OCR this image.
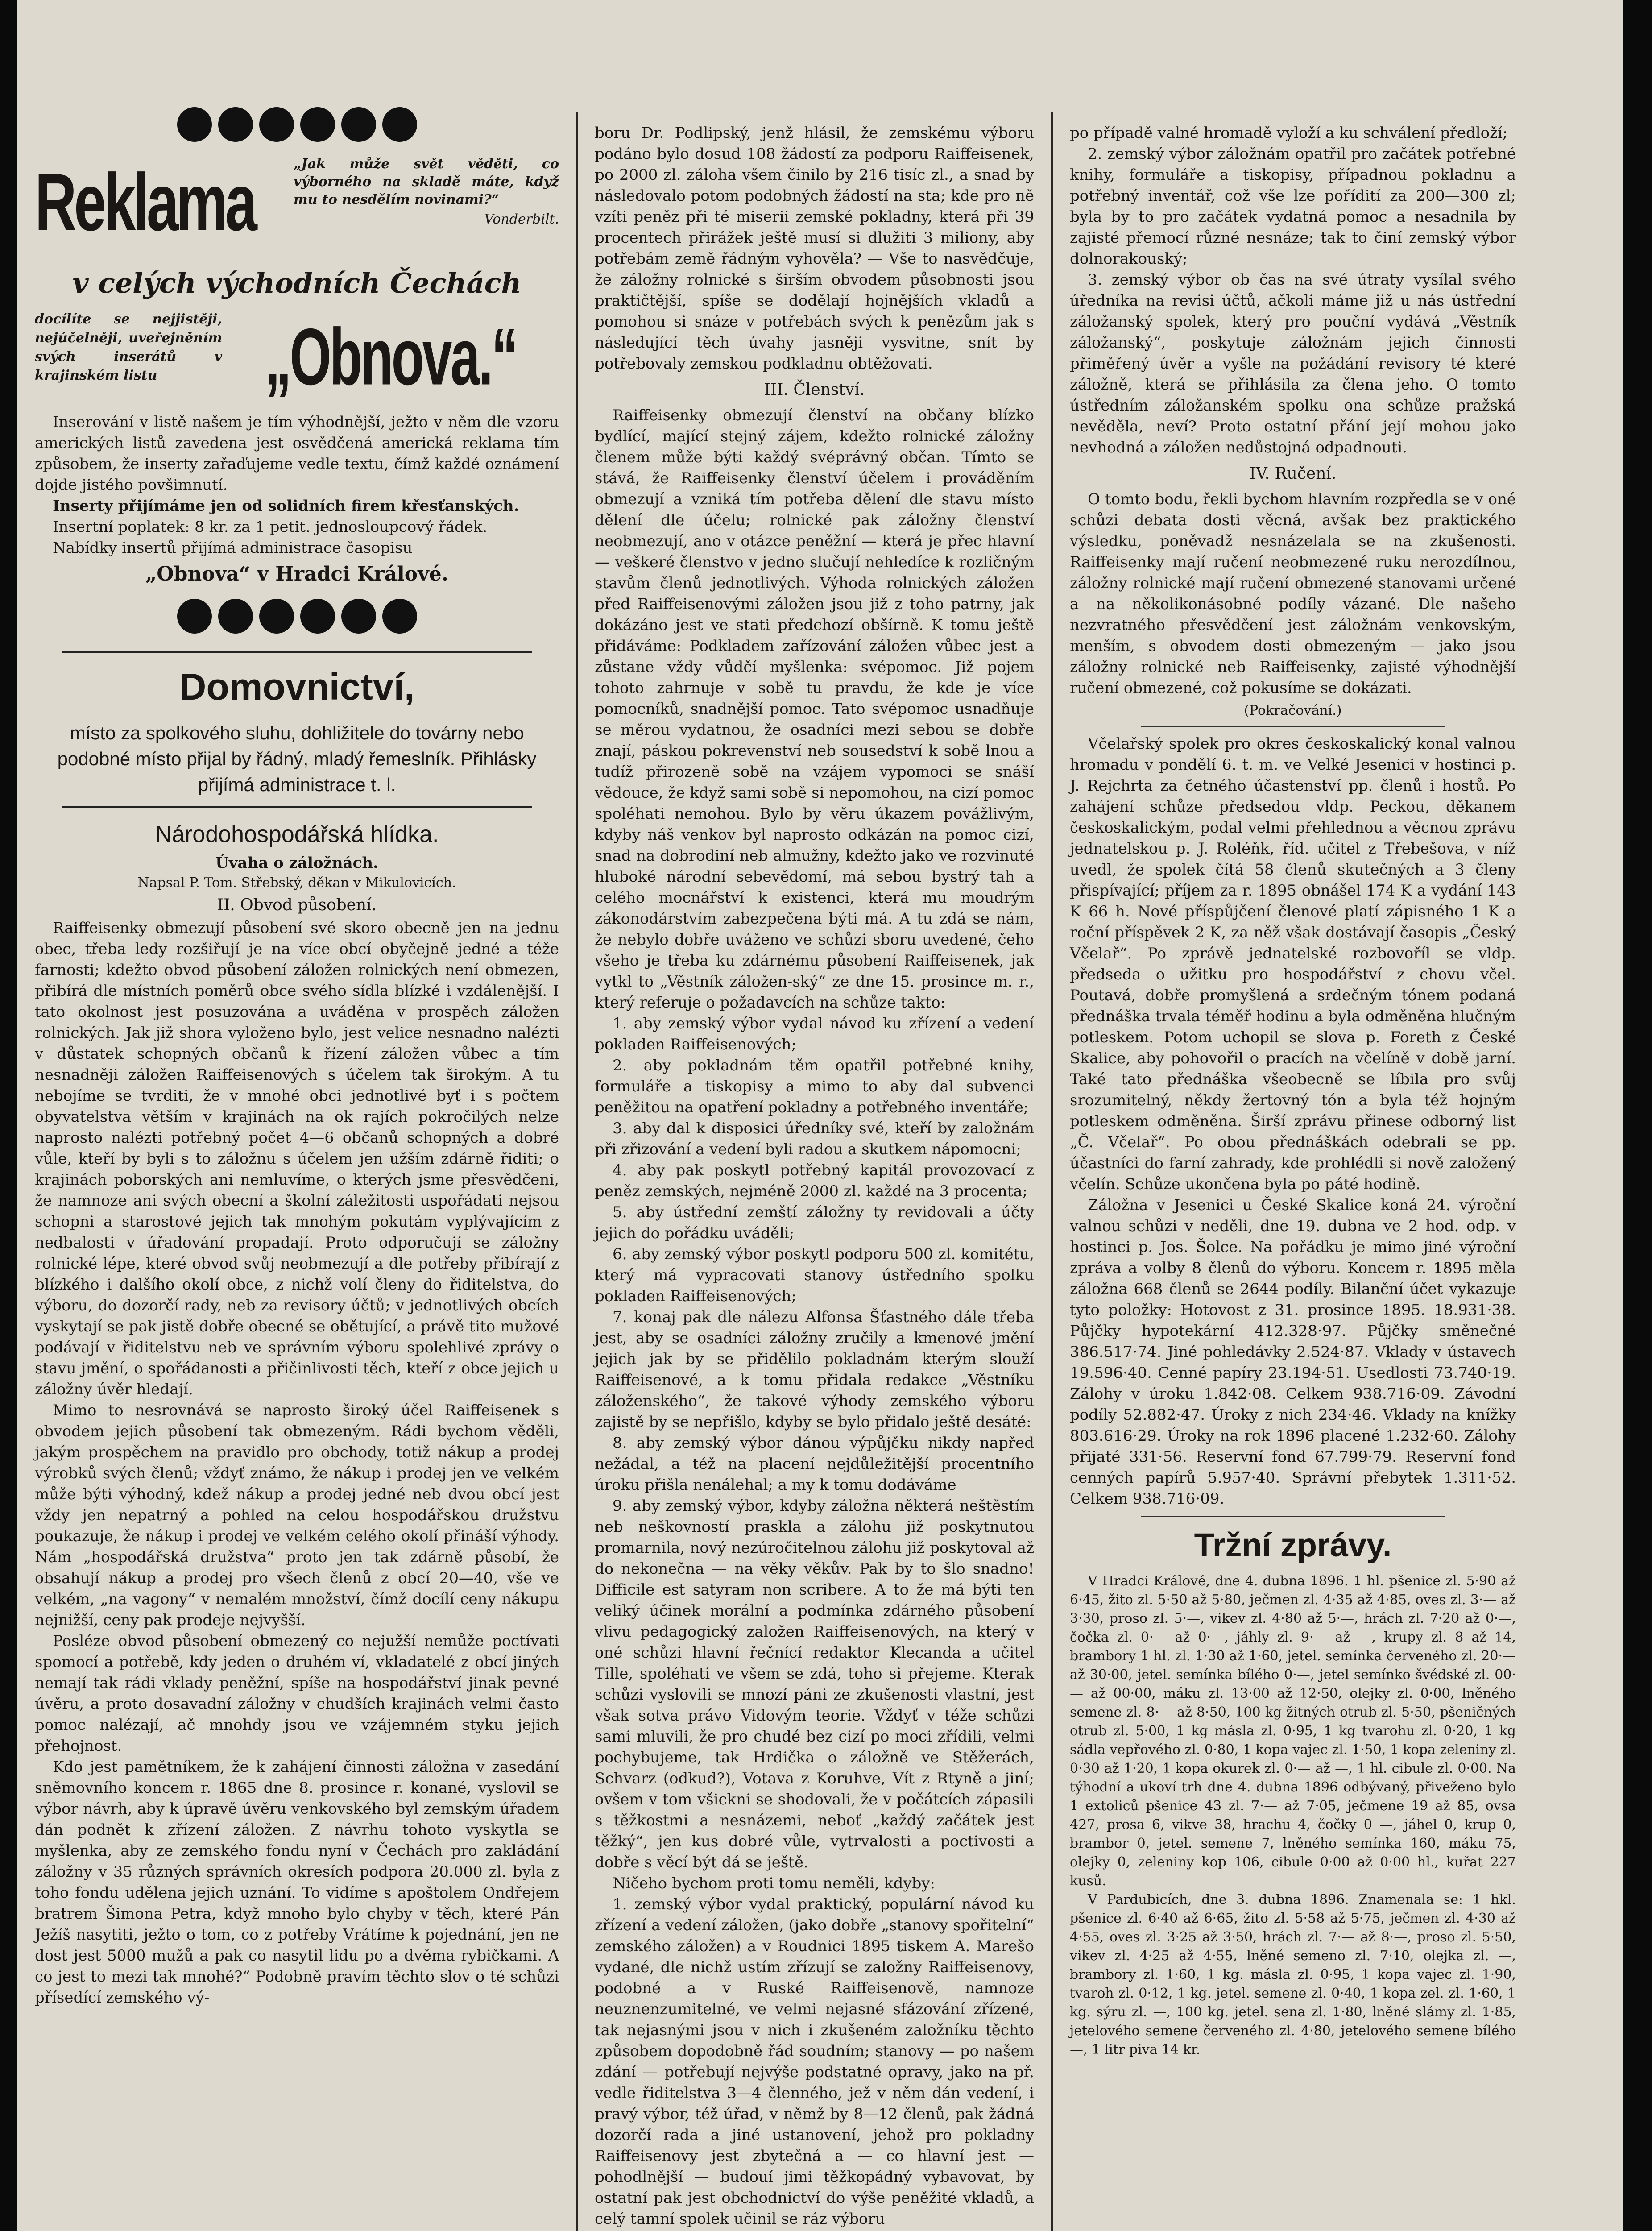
Reklama	„Jak může svět věděti, co výborného na skladě máte, když mu to nesdělím novinami?“

Vonderbilt.

v celých východních Čechách

docílíte se nejjistěji, nejúčelněji, uveřejněním svých inserátů v krajinském listu	„Obnova.“

Inserování v listě našem je tím výhodnější, ježto v něm dle vzoru amerických listů zavedena jest osvědčená americká reklama tím způsobem, že inserty zařaďujeme vedle textu, čímž každé oznámení dojde jistého povšimnutí.

Inserty přijímáme jen od solidních firem křesťanských.

Insertní poplatek: 8 kr. za 1 petit. jednosloupcový řádek.

Nabídky insertů přijímá administrace časopisu

„Obnova“ v Hradci Králové.

Domovnictví,

místo za spolkového sluhu, dohližitele do továrny nebo podobné místo přijal by řádný, mladý řemeslník. Přihlásky přijímá administrace t. l.

Národohospodářská hlídka.

Úvaha o záložnách.

Napsal P. Tom. Střebský, děkan v Mikulovicích.

II. Obvod působení.

Raiffeisenky obmezují působení své skoro obecně jen na jednu obec, třeba ledy rozšiřují je na více obcí obyčejně jedné a téže farnosti; kdežto obvod působení záložen rolnických není obmezen, přibírá dle místních poměrů obce svého sídla blízké i vzdálenější. I tato okolnost jest posuzována a uváděna v prospěch záložen rolnických. Jak již shora vyloženo bylo, jest velice nesnadno nalézti v důstatek schopných občanů k řízení záložen vůbec a tím nesnadněji záložen Raiffeisenových s účelem tak širokým. A tu nebojíme se tvrditi, že v mnohé obci jednotlivé byť i s počtem obyvatelstva větším v krajinách na ok rajích pokročilých nelze naprosto nalézti potřebný počet 4—6 občanů schopných a dobré vůle, kteří by byli s to záložnu s účelem jen užším zdárně řiditi; o krajinách poborských ani nemluvíme, o kterých jsme přesvědčeni, že namnoze ani svých obecní a školní záležitosti uspořádati nejsou schopni a starostové jejich tak mnohým pokutám vyplývajícím z nedbalosti v úřadování propadají. Proto odporučují se záložny rolnické lépe, které obvod svůj neobmezují a dle potřeby přibírají z blízkého i dalšího okolí obce, z nichž volí členy do řiditelstva, do výboru, do dozorčí rady, neb za revisory účtů; v jednotlivých obcích vyskytají se pak jistě dobře obecné se obětující, a právě tito mužové podávají v řiditelstvu neb ve správním výboru spolehlivé zprávy o stavu jmění, o spořádanosti a přičinlivosti těch, kteří z obce jejich u záložny úvěr hledají.

Mimo to nesrovnává se naprosto široký účel Raiffeisenek s obvodem jejich působení tak obmezeným. Rádi bychom věděli, jakým prospěchem na pravidlo pro obchody, totiž nákup a prodej výrobků svých členů; vždyť známo, že nákup i prodej jen ve velkém může býti výhodný, kdež nákup a prodej jedné neb dvou obcí jest vždy jen nepatrný a pohled na celou hospodářskou družstvu poukazuje, že nákup i prodej ve velkém celého okolí přináší výhody. Nám „hospodářská družstva“ proto jen tak zdárně působí, že obsahují nákup a prodej pro všech členů z obcí 20—40, vše ve velkém, „na vagony“ v nemalém množství, čímž docílí ceny nákupu nejnižší, ceny pak prodeje nejvyšší.

Posléze obvod působení obmezený co nejužší nemůže poctívati spomocí a potřebě, kdy jeden o druhém ví, vkladatelé z obcí jiných nemají tak rádi vklady peněžní, spíše na hospodářství jinak pevné úvěru, a proto dosavadní záložny v chudších krajinách velmi často pomoc nalézají, ač mnohdy jsou ve vzájemném styku jejich přehojnost.

Kdo jest pamětníkem, že k zahájení činnosti záložna v zasedání sněmovního koncem r. 1865 dne 8. prosince r. konané, vyslovil se výbor návrh, aby k úpravě úvěru venkovského byl zemským úřadem dán podnět k zřízení záložen. Z návrhu tohoto vyskytla se myšlenka, aby ze zemského fondu nyní v Čechách pro zakládání záložny v 35 různých správních okresích podpora 20.000 zl. byla z toho fondu udělena jejich uznání. To vidíme s apoštolem Ondřejem bratrem Šimona Petra, když mnoho bylo chyby v těch, které Pán Ježíš nasytiti, ježto o tom, co z potřeby Vrátíme k pojednání, jen ne dost jest 5000 mužů a pak co nasytil lidu po a dvěma rybičkami. A co jest to mezi tak mnohé?“ Podobně pravím těchto slov o té schůzi přísedící zemského vý-

boru Dr. Podlipský, jenž hlásil, že zemskému výboru podáno bylo dosud 108 žádostí za podporu Raiffeisenek, po 2000 zl. záloha všem činilo by 216 tisíc zl., a snad by následovalo potom podobných žádostí na sta; kde pro ně vzíti peněz při té miserii zemské pokladny, která při 39 procentech přirážek ještě musí si dlužiti 3 miliony, aby potřebám země řádným vyhověla? — Vše to nasvědčuje, že záložny rolnické s širším obvodem působnosti jsou praktičtější, spíše se dodělají hojnějších vkladů a pomohou si snáze v potřebách svých k penězům jak s následující těch úvahy jasněji vysvitne, snít by potřebovaly zemskou podkladnu obtěžovati.

III. Členství.

Raiffeisenky obmezují členství na občany blízko bydlící, mající stejný zájem, kdežto rolnické záložny členem může býti každý svéprávný občan. Tímto se stává, že Raiffeisenky členství účelem i prováděním obmezují a vzniká tím potřeba dělení dle stavu místo dělení dle účelu; rolnické pak záložny členství neobmezují, ano v otázce peněžní — která je přec hlavní — veškeré členstvo v jedno slučují nehledíce k rozličným stavům členů jednotlivých. Výhoda rolnických záložen před Raiffeisenovými záložen jsou již z toho patrny, jak dokázáno jest ve stati předchozí obšírně. K tomu ještě přidáváme: Podkladem zařízování záložen vůbec jest a zůstane vždy vůdčí myšlenka: svépomoc. Již pojem tohoto zahrnuje v sobě tu pravdu, že kde je více pomocníků, snadnější pomoc. Tato svépomoc usnadňuje se měrou vydatnou, že osadníci mezi sebou se dobře znají, páskou pokrevenství neb sousedství k sobě lnou a tudíž přirozeně sobě na vzájem vypomoci se snáší vědouce, že když sami sobě si nepomohou, na cizí pomoc spoléhati nemohou. Bylo by věru úkazem povážlivým, kdyby náš venkov byl naprosto odkázán na pomoc cizí, snad na dobrodiní neb almužny, kdežto jako ve rozvinuté hluboké národní sebevědomí, má sebou bystrý tah a celého mocnářství k existenci, která mu moudrým zákonodárstvím zabezpečena býti má. A tu zdá se nám, že nebylo dobře uváženo ve schůzi sboru uvedené, čeho všeho je třeba ku zdárnému působení Raiffeisenek, jak vytkl to „Věstník záložen-ský“ ze dne 15. prosince m. r., který referuje o požadavcích na schůze takto:

1. aby zemský výbor vydal návod ku zřízení a vedení pokladen Raiffeisenových;

2. aby pokladnám těm opatřil potřebné knihy, formuláře a tiskopisy a mimo to aby dal subvenci peněžitou na opatření pokladny a potřebného inventáře;

3. aby dal k disposici úředníky své, kteří by založnám při zřizování a vedení byli radou a skutkem nápomocni;

4. aby pak poskytl potřebný kapitál provozovací z peněz zemských, nejméně 2000 zl. každé na 3 procenta;

5. aby ústřední zemští záložny ty revidovali a účty jejich do pořádku uváděli;

6. aby zemský výbor poskytl podporu 500 zl. komitétu, který má vypracovati stanovy ústředního spolku pokladen Raiffeisenových;

7. konaj pak dle nálezu Alfonsa Šťastného dále třeba jest, aby se osadníci záložny zručily a kmenové jmění jejich jak by se přidělilo pokladnám kterým slouží Raiffeisenové, a k tomu přidala redakce „Věstníku záloženského“, že takové výhody zemského výboru zajistě by se nepřišlo, kdyby se bylo přidalo ještě desáté:

8. aby zemský výbor dánou výpůjčku nikdy napřed nežádal, a též na placení nejdůležitější procentního úroku přišla nenálehal; a my k tomu dodáváme

9. aby zemský výbor, kdyby záložna některá neštěstím neb neškovností praskla a zálohu již poskytnutou promarnila, nový nezúročitelnou zálohu již poskytoval až do nekonečna — na věky věkův. Pak by to šlo snadno! Difficile est satyram non scribere. A to že má býti ten veliký účinek morální a podmínka zdárného působení vlivu pedagogický založen Raiffeisenových, na který v oné schůzi hlavní řečnící redaktor Klecanda a učitel Tille, spoléhati ve všem se zdá, toho si přejeme. Kterak schůzi vyslovili se mnozí páni ze zkušenosti vlastní, jest však sotva právo Vidovým teorie. Vždyť v téže schůzi sami mluvili, že pro chudé bez cizí po moci zřídili, velmi pochybujeme, tak Hrdička o záložně ve Stěžerách, Schvarz (odkud?), Votava z Koruhve, Vít z Rtyně a jiní; ovšem v tom všickni se shodovali, že v počátcích zápasili s těžkostmi a nesnázemi, neboť „každý začátek jest těžký“, jen kus dobré vůle, vytrvalosti a poctivosti a dobře s věcí být dá se ještě.

Ničeho bychom proti tomu neměli, kdyby:

1. zemský výbor vydal praktický, populární návod ku zřízení a vedení záložen, (jako dobře „stanovy spořitelní“ zemského záložen) a v Roudnici 1895 tiskem A. Marešo vydané, dle nichž ustím zřízují se založny Raiffeisenovy, podobné a v Ruské Raiffeisenově, namnoze neuznenzumitelné, ve velmi nejasné sfázování zřízené, tak nejasnými jsou v nich i zkušeném založníku těchto způsobem dopodobně řád soudním; stanovy — po našem zdání — potřebují nejvýše podstatné opravy, jako na př. vedle řiditelstva 3—4 členného, jež v něm dán vedení, i pravý výbor, též úřad, v němž by 8—12 členů, pak žádná dozorčí rada a jiné ustanovení, jehož pro pokladny Raiffeisenovy jest zbytečná a — co hlavní jest — pohodlnější — budouí jimi těžkopádný vybavovat, by ostatní pak jest obchodnictví do výše peněžité vkladů, a celý tamní spolek učinil se ráz výboru

po případě valné hromadě vyloží a ku schválení předloží;

2. zemský výbor záložnám opatřil pro začátek potřebné knihy, formuláře a tiskopisy, případnou pokladnu a potřebný inventář, což vše lze pořídití za 200—300 zl; byla by to pro začátek vydatná pomoc a nesadnila by zajisté přemocí různé nesnáze; tak to činí zemský výbor dolnorakouský;

3. zemský výbor ob čas na své útraty vysílal svého úředníka na revisi účtů, ačkoli máme již u nás ústřední záložanský spolek, který pro pouční vydává „Věstník záložanský“, poskytuje záložnám jejich činnosti přiměřený úvěr a vyšle na požádání revisory té které záložně, která se přihlásila za člena jeho. O tomto ústředním záložanském spolku ona schůze pražská nevěděla, neví? Proto ostatní přání její mohou jako nevhodná a záložen nedůstojná odpadnouti.

IV. Ručení.

O tomto bodu, řekli bychom hlavním rozpředla se v oné schůzi debata dosti věcná, avšak bez praktického výsledku, poněvadž nesnázelala se na zkušenosti. Raiffeisenky mají ručení neobmezené ruku nerozdílnou, záložny rolnické mají ručení obmezené stanovami určené a na několikonásobné podíly vázané. Dle našeho nezvratného přesvědčení jest záložnám venkovským, menším, s obvodem dosti obmezeným — jako jsou záložny rolnické neb Raiffeisenky, zajisté výhodnější ručení obmezené, což pokusíme se dokázati.

(Pokračování.)

Včelařský spolek pro okres českoskalický konal valnou hromadu v pondělí 6. t. m. ve Velké Jesenici v hostinci p. J. Rejchrta za četného účastenství pp. členů i hostů. Po zahájení schůze předsedou vldp. Peckou, děkanem českoskalickým, podal velmi přehlednou a věcnou zprávu jednatelskou p. J. Roléňk, říd. učitel z Třebešova, v níž uvedl, že spolek čítá 58 členů skutečných a 3 členy přispívající; příjem za r. 1895 obnášel 174 K a vydání 143 K 66 h. Nové příspůjčení členové platí zápisného 1 K a roční příspěvek 2 K, za něž však dostávají časopis „Český Včelař“. Po zprávě jednatelské rozbovoříl se vldp. předseda o užitku pro hospodářství z chovu včel. Poutavá, dobře promyšlená a srdečným tónem podaná přednáška trvala téměř hodinu a byla odměněna hlučným potleskem. Potom uchopil se slova p. Foreth z České Skalice, aby pohovořil o pracích na včelíně v době jarní. Také tato přednáška všeobecně se líbila pro svůj srozumitelný, někdy žertovný tón a byla též hojným potleskem odměněna. Širší zprávu přinese odborný list „Č. Včelař“. Po obou přednáškách odebrali se pp. účastníci do farní zahrady, kde prohlédli si nově založený včelín. Schůze ukončena byla po páté hodině.

Záložna v Jesenici u České Skalice koná 24. výroční valnou schůzi v neděli, dne 19. dubna ve 2 hod. odp. v hostinci p. Jos. Šolce. Na pořádku je mimo jiné výroční zpráva a volby 8 členů do výboru. Koncem r. 1895 měla záložna 668 členů se 2644 podíly. Bilanční účet vykazuje tyto položky: Hotovost z 31. prosince 1895. 18.931·38. Půjčky hypotekární 412.328·97. Půjčky směnečné 386.517·74. Jiné pohledávky 2.524·87. Vklady v ústavech 19.596·40. Cenné papíry 23.194·51. Usedlosti 73.740·19. Zálohy v úroku 1.842·08. Celkem 938.716·09. Závodní podíly 52.882·47. Úroky z nich 234·46. Vklady na knížky 803.616·29. Úroky na rok 1896 placené 1.232·60. Zálohy přijaté 331·56. Reservní fond 67.799·79. Reservní fond cenných papírů 5.957·40. Správní přebytek 1.311·52. Celkem 938.716·09.

Tržní zprávy.

V Hradci Králové, dne 4. dubna 1896. 1 hl. pšenice zl. 5·90 až 6·45, žito zl. 5·50 až 5·80, ječmen zl. 4·35 až 4·85, oves zl. 3·— až 3·30, proso zl. 5·—, vikev zl. 4·80 až 5·—, hrách zl. 7·20 až 0·—, čočka zl. 0·— až 0·—, jáhly zl. 9·— až —, krupy zl. 8 až 14, brambory 1 hl. zl. 1·30 až 1·60, jetel. semínka červeného zl. 20·— až 30·00, jetel. semínka bílého 0·—, jetel semínko švédské zl. 00·— až 00·00, máku zl. 13·00 až 12·50, olejky zl. 0·00, lněného semene zl. 8·— až 8·50, 100 kg žitných otrub zl. 5·50, pšeničných otrub zl. 5·00, 1 kg másla zl. 0·95, 1 kg tvarohu zl. 0·20, 1 kg sádla vepřového zl. 0·80, 1 kopa vajec zl. 1·50, 1 kopa zeleniny zl. 0·30 až 1·20, 1 kopa okurek zl. 0·— až —, 1 hl. cibule zl. 0·00. Na týhodní a ukoví trh dne 4. dubna 1896 odbývaný, přiveženo bylo 1 extoliců pšenice 43 zl. 7·— až 7·05, ječmene 19 až 85, ovsa 427, prosa 6, vikve 38, hrachu 4, čočky 0 —, jáhel 0, krup 0, brambor 0, jetel. semene 7, lněného semínka 160, máku 75, olejky 0, zeleniny kop 106, cibule 0·00 až 0·00 hl., kuřat 227 kusů.

V Pardubicích, dne 3. dubna 1896. Znamenala se: 1 hkl. pšenice zl. 6·40 až 6·65, žito zl. 5·58 až 5·75, ječmen zl. 4·30 až 4·55, oves zl. 3·25 až 3·50, hrách zl. 7·— až 8·—, proso zl. 5·50, vikev zl. 4·25 až 4·55, lněné semeno zl. 7·10, olejka zl. —, brambory zl. 1·60, 1 kg. másla zl. 0·95, 1 kopa vajec zl. 1·90, tvaroh zl. 0·12, 1 kg. jetel. semene zl. 0·40, 1 kopa zel. zl. 1·60, 1 kg. sýru zl. —, 100 kg. jetel. sena zl. 1·80, lněné slámy zl. 1·85, jetelového semene červeného zl. 4·80, jetelového semene bílého —, 1 litr piva 14 kr.
